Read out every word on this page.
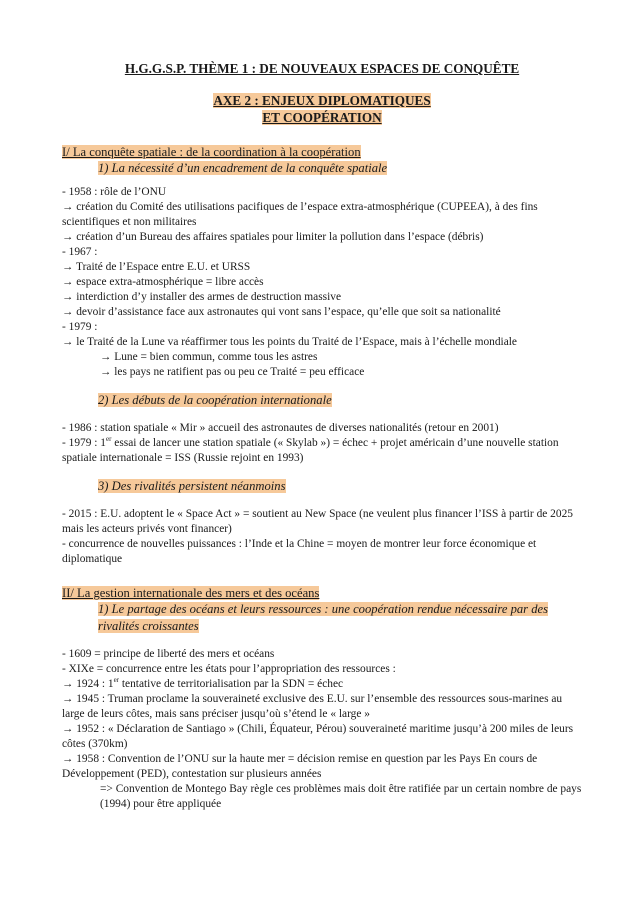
H.G.G.S.P. THÈME 1 : DE NOUVEAUX ESPACES DE CONQUÊTE
AXE 2 : ENJEUX DIPLOMATIQUES
ET COOPÉRATION
I/ La conquête spatiale : de la coordination à la coopération
1) La nécessité d’un encadrement de la conquête spatiale
- 1958 : rôle de l’ONU
→ création du Comité des utilisations pacifiques de l’espace extra-atmosphérique (CUPEEA), à des fins scientifiques et non militaires
→ création d’un Bureau des affaires spatiales pour limiter la pollution dans l’espace (débris)
- 1967 :
→ Traité de l’Espace entre E.U. et URSS
→ espace extra-atmosphérique = libre accès
→ interdiction d’y installer des armes de destruction massive
→ devoir d’assistance face aux astronautes qui vont sans l’espace, qu’elle que soit sa nationalité
- 1979 :
→ le Traité de la Lune va réaffirmer tous les points du Traité de l’Espace, mais à l’échelle mondiale
→ Lune = bien commun, comme tous les astres
→ les pays ne ratifient pas ou peu ce Traité = peu efficace
2) Les débuts de la coopération internationale
- 1986 : station spatiale « Mir » accueil des astronautes de diverses nationalités (retour en 2001)
- 1979 : 1er essai de lancer une station spatiale (« Skylab ») = échec + projet américain d’une nouvelle station spatiale internationale = ISS (Russie rejoint en 1993)
3) Des rivalités persistent néanmoins
- 2015 : E.U. adoptent le « Space Act » = soutient au New Space (ne veulent plus financer l’ISS à partir de 2025 mais les acteurs privés vont financer)
- concurrence de nouvelles puissances : l’Inde et la Chine = moyen de montrer leur force économique et diplomatique
II/ La gestion internationale des mers et des océans
1) Le partage des océans et leurs ressources : une coopération rendue nécessaire par des rivalités croissantes
- 1609 = principe de liberté des mers et océans
- XIXe = concurrence entre les états pour l’appropriation des ressources :
→ 1924 : 1er tentative de territorialisation par la SDN = échec
→ 1945 : Truman proclame la souveraineté exclusive des E.U. sur l’ensemble des ressources sous-marines au large de leurs côtes, mais sans préciser jusqu’où s’étend le « large »
→ 1952 : « Déclaration de Santiago » (Chili, Équateur, Pérou) souveraineté maritime jusqu’à 200 miles de leurs côtes (370km)
→ 1958 : Convention de l’ONU sur la haute mer = décision remise en question par les Pays En cours de Développement (PED), contestation sur plusieurs années
=> Convention de Montego Bay règle ces problèmes mais doit être ratifiée par un certain nombre de pays (1994) pour être appliquée
